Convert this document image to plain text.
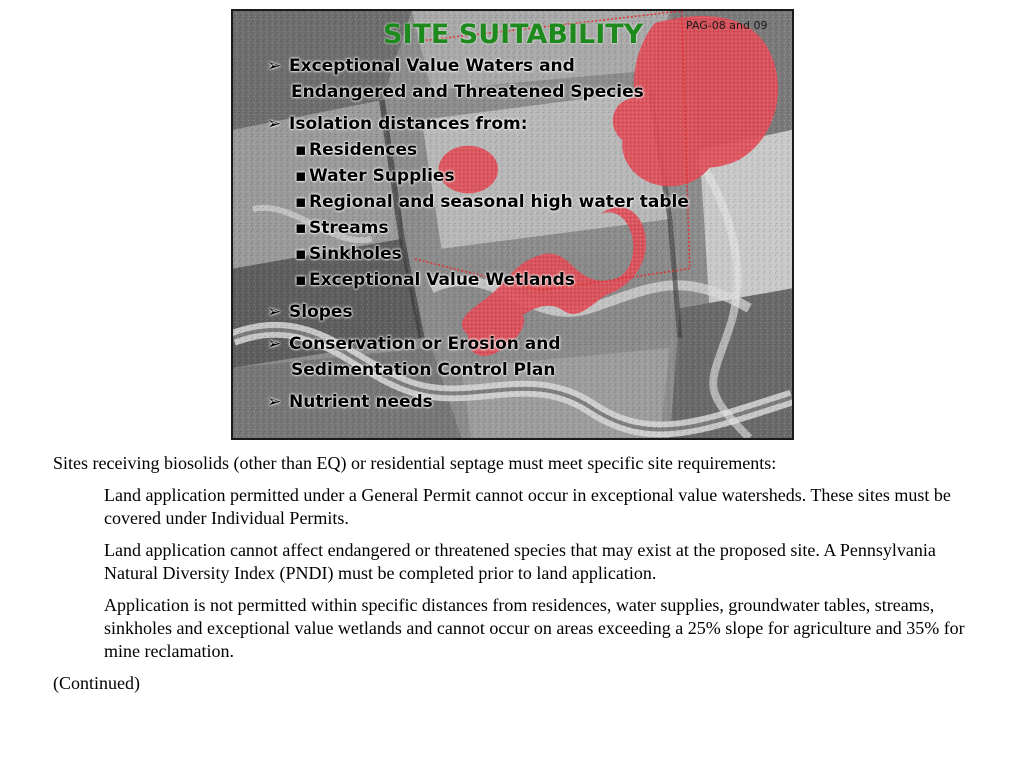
SITE SUITABILITY	PAG-08 and 09
➢ Exceptional Value Waters and
Endangered and Threatened Species
➢ Isolation distances from:
▪ Residences
▪ Water Supplies
▪ Regional and seasonal high water table
▪ Streams
▪ Sinkholes
▪ Exceptional Value Wetlands
➢ Slopes
➢ Conservation or Erosion and
Sedimentation Control Plan
➢ Nutrient needs

Sites receiving biosolids (other than EQ) or residential septage must meet specific site requirements:

Land application permitted under a General Permit cannot occur in exceptional value watersheds. These sites must be covered under Individual Permits.

Land application cannot affect endangered or threatened species that may exist at the proposed site. A Pennsylvania Natural Diversity Index (PNDI) must be completed prior to land application.

Application is not permitted within specific distances from residences, water supplies, groundwater tables, streams, sinkholes and exceptional value wetlands and cannot occur on areas exceeding a 25% slope for agriculture and 35% for mine reclamation.

(Continued)
